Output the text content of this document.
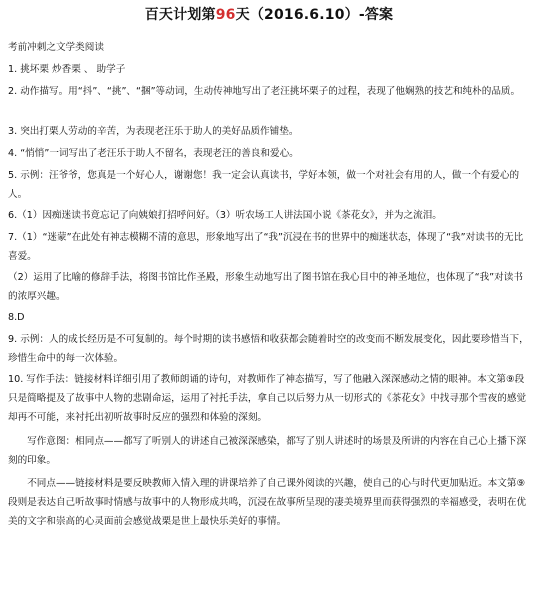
百天计划第96天（2016.6.10）-答案
考前冲刺之文学类阅读
1. 挑坏栗 炒香栗 、 助学子
2. 动作描写。用“抖”、“挑”、“捆”等动词，生动传神地写出了老汪挑坏栗子的过程，表现了他娴熟的技艺和纯朴的品质。
3. 突出打栗人劳动的辛苦，为表现老汪乐于助人的美好品质作铺垫。
4. “悄悄”一词写出了老汪乐于助人不留名，表现老汪的善良和爱心。
5. 示例：汪爷爷，您真是一个好心人，谢谢您！我一定会认真读书，学好本领，做一个对社会有用的人，做一个有爱心的人。
6.（1）因痴迷读书竟忘记了向姨娘打招呼问好。（3）听农场工人讲法国小说《茶花女》，并为之流泪。
7.（1）“迷蒙”在此处有神志模糊不清的意思，形象地写出了“我”沉浸在书的世界中的痴迷状态，体现了“我”对读书的无比喜爱。
（2）运用了比喻的修辞手法，将图书馆比作圣殿，形象生动地写出了图书馆在我心目中的神圣地位，也体现了“我”对读书的浓厚兴趣。
8.D
9. 示例：人的成长经历是不可复制的。每个时期的读书感悟和收获都会随着时空的改变而不断发展变化，因此要珍惜当下，珍惜生命中的每一次体验。
10. 写作手法：链接材料详细引用了教师朗诵的诗句，对教师作了神态描写，写了他融入深深感动之情的眼神。本文第⑨段只是简略提及了故事中人物的悲剧命运，运用了衬托手法，拿自己以后努力从一切形式的《茶花女》中找寻那个雪夜的感觉却再不可能，来衬托出初听故事时反应的强烈和体验的深刻。
写作意图：相同点——都写了听别人的讲述自己被深深感染，都写了别人讲述时的场景及所讲的内容在自己心上播下深刻的印象。
不同点——链接材料是要反映教师入情入理的讲课培养了自己课外阅读的兴趣，使自己的心与时代更加贴近。本文第⑨段则是表达自己听故事时情感与故事中的人物形成共鸣，沉浸在故事所呈现的凄美境界里而获得强烈的幸福感受，表明在优美的文字和崇高的心灵面前会感觉战栗是世上最快乐美好的事情。
